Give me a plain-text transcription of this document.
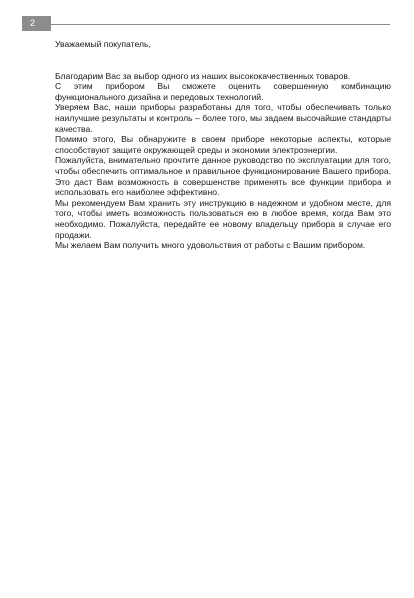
2

Уважаемый покупатель,

Благодарим Вас за выбор одного из наших высококачественных товаров.

С этим прибором Вы сможете оценить совершенную комбинацию функционального дизайна и передовых технологий.

Уверяем Вас, наши приборы разработаны для того, чтобы обеспечивать только наилучшие результаты и контроль – более того, мы задаем высочайшие стандарты качества.

Помимо этого, Вы обнаружите в своем приборе некоторые аспекты, которые способствуют защите окружающей среды и экономии электроэнергии.

Пожалуйста, внимательно прочтите данное руководство по эксплуатации для того, чтобы обеспечить оптимальное и правильное функционирование Вашего прибора. Это даст Вам возможность в совершенстве применять все функции прибора и использовать его наиболее эффективно.

Мы рекомендуем Вам хранить эту инструкцию в надежном и удобном месте, для того, чтобы иметь возможность пользоваться ею в любое время, когда Вам это необходимо. Пожалуйста, передайте ее новому владельцу прибора в случае его продажи.

Мы желаем Вам получить много удовольствия от работы с Вашим прибором.
